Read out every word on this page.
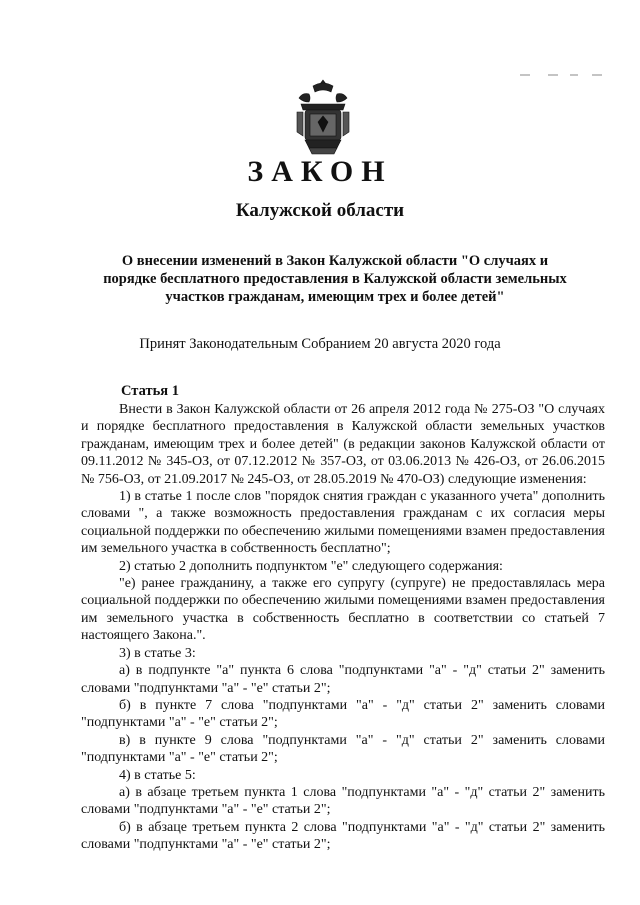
ЗАКОН
Калужской области
О внесении изменений в Закон Калужской области "О случаях и порядке бесплатного предоставления в Калужской области земельных участков гражданам, имеющим трех и более детей"
Принят Законодательным Собранием 20 августа 2020 года
Статья 1

Внести в Закон Калужской области от 26 апреля 2012 года № 275-ОЗ "О случаях и порядке бесплатного предоставления в Калужской области земельных участков гражданам, имеющим трех и более детей" (в редакции законов Калужской области от 09.11.2012 № 345-ОЗ, от 07.12.2012 № 357-ОЗ, от 03.06.2013 № 426-ОЗ, от 26.06.2015 № 756-ОЗ, от 21.09.2017 № 245-ОЗ, от 28.05.2019 № 470-ОЗ) следующие изменения:

1) в статье 1 после слов "порядок снятия граждан с указанного учета" дополнить словами ", а также возможность предоставления гражданам с их согласия меры социальной поддержки по обеспечению жилыми помещениями взамен предоставления им земельного участка в собственность бесплатно";

2) статью 2 дополнить подпунктом "е" следующего содержания:

"е) ранее гражданину, а также его супругу (супруге) не предоставлялась мера социальной поддержки по обеспечению жилыми помещениями взамен предоставления им земельного участка в собственность бесплатно в соответствии со статьей 7 настоящего Закона.".

3) в статье 3:

а) в подпункте "а" пункта 6 слова "подпунктами "а" - "д" статьи 2" заменить словами "подпунктами "а" - "е" статьи 2";

б) в пункте 7 слова "подпунктами "а" - "д" статьи 2" заменить словами "подпунктами "а" - "е" статьи 2";

в) в пункте 9 слова "подпунктами "а" - "д" статьи 2" заменить словами "подпунктами "а" - "е" статьи 2";

4) в статье 5:

а) в абзаце третьем пункта 1 слова "подпунктами "а" - "д" статьи 2" заменить словами "подпунктами "а" - "е" статьи 2";

б) в абзаце третьем пункта 2 слова "подпунктами "а" - "д" статьи 2" заменить словами "подпунктами "а" - "е" статьи 2";
